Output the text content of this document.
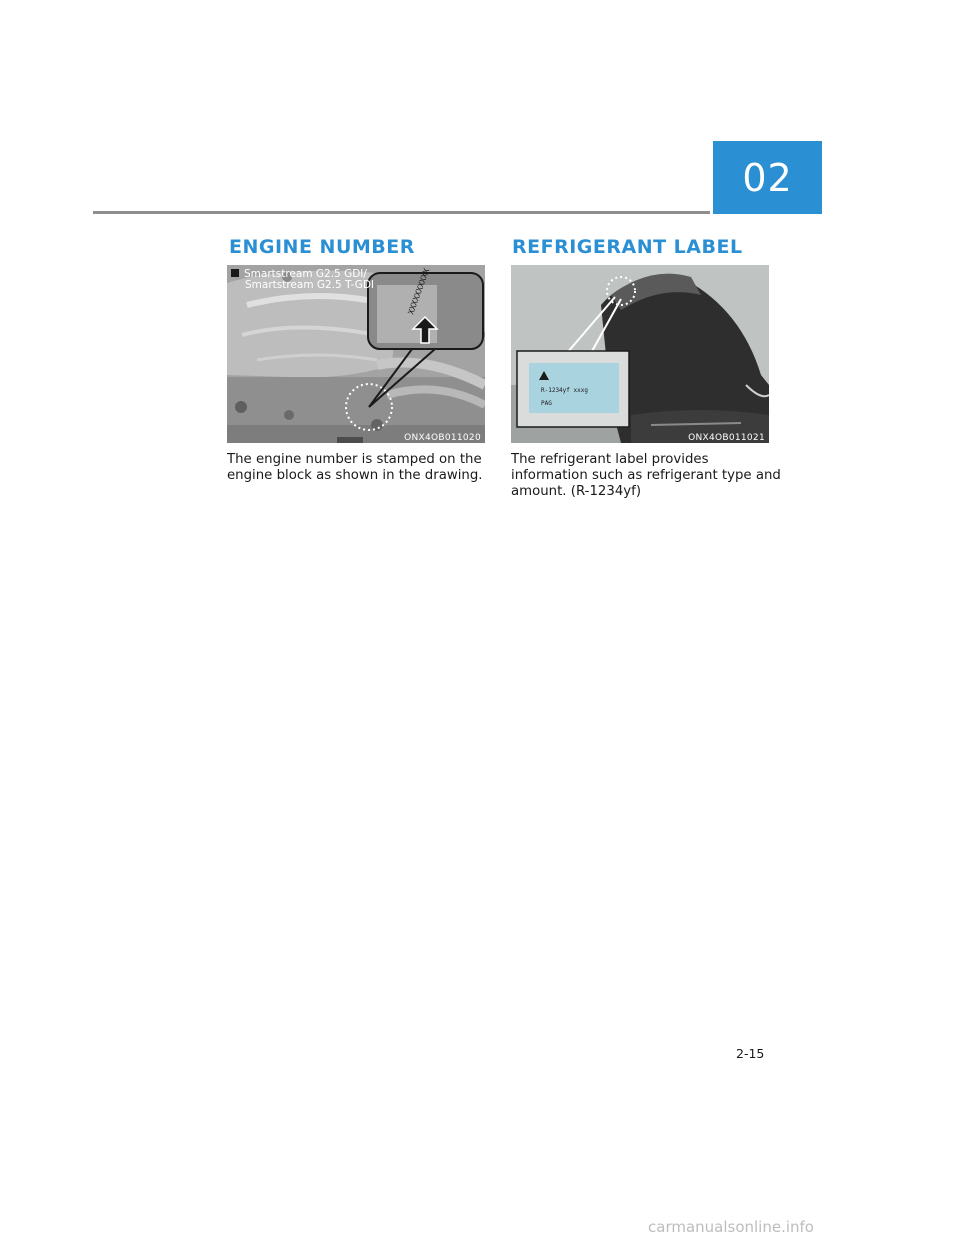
02
ENGINE NUMBER
XXXXXXXXXX
Smartstream G2.5 GDI/
Smartstream G2.5 T-GDI
ONX4OB011020

The engine number is stamped on the
engine block as shown in the drawing.

REFRIGERANT LABEL
R-1234yf xxxg
PAG
ONX4OB011021

The refrigerant label provides
information such as refrigerant type and
amount. (R-1234yf)

2-15
carmanualsonline.info
